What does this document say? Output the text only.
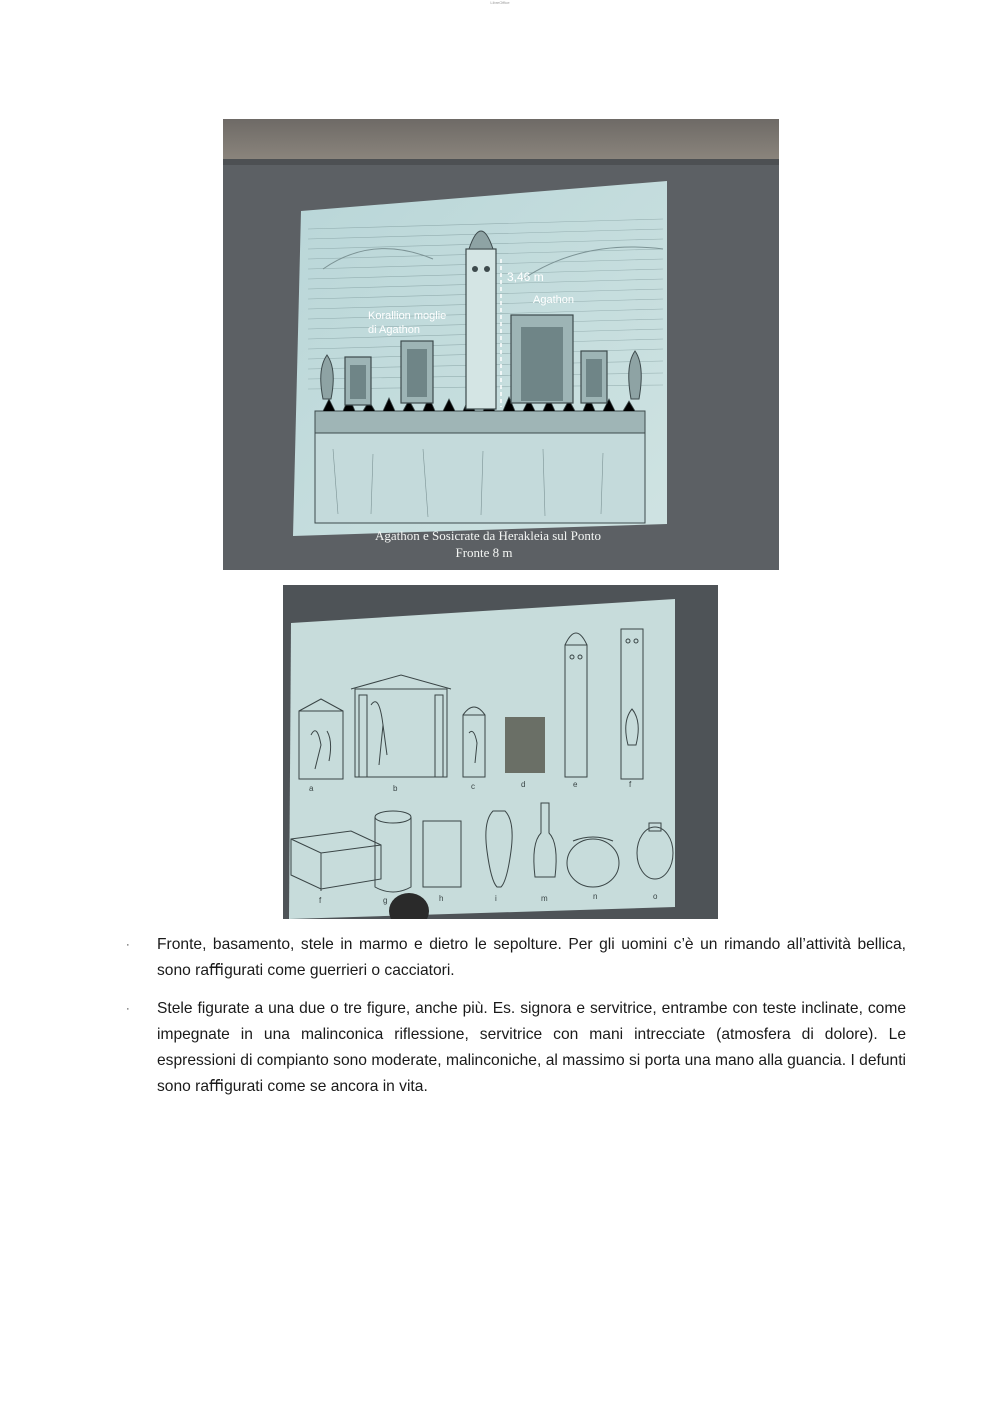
LibreOffice
3,46 m
Korallion moglie
di Agathon
Agathon
Agathon e Sosicrate da Herakleia sul Ponto
Fronte 8 m
a	b	c	d	e	f
f	g	h	i	m	n	o
· Fronte, basamento, stele in marmo e dietro le sepolture. Per gli uomini c’è un rimando all’attività bellica, sono raﬃgurati come guerrieri o cacciatori.
· Stele ﬁgurate a una due o tre ﬁgure, anche più. Es. signora e servitrice, entrambe con teste inclinate, come impegnate in una malinconica riﬂessione, servitrice con mani intrecciate (atmosfera di dolore). Le espressioni di compianto sono moderate, malinconiche, al massimo si porta una mano alla guancia. I defunti sono raﬃgurati come se ancora in vita.
